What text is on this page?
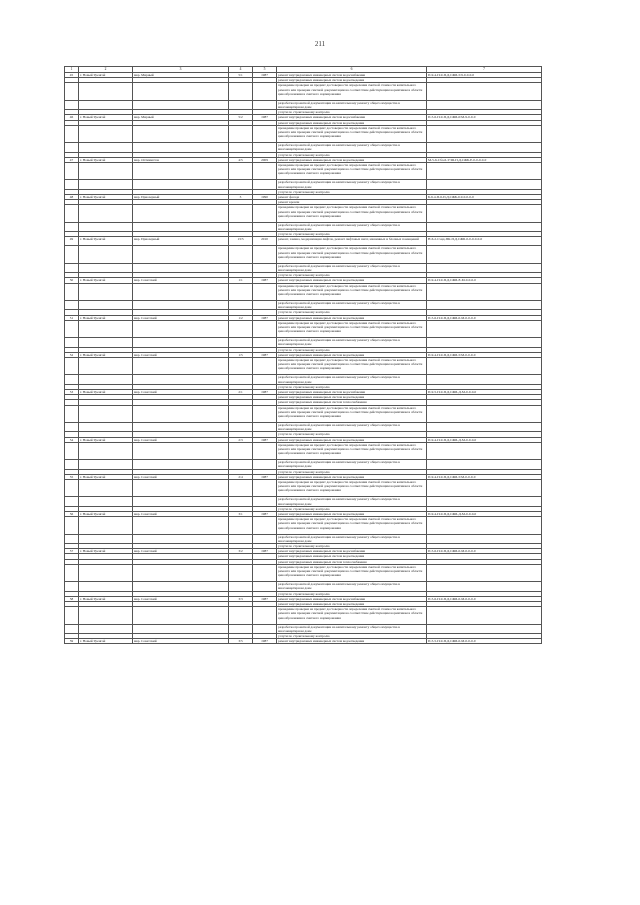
211
1	2	3	4	5	6	7
45	г. Новый Уренгой	мкр. Мирный	5/1	1987	ремонт внутридомовых инженерных систем водоснабжения	П-9-4-П-9-П,Д,СЖБ-5/9-0-0-0-0
					ремонт внутридомовых инженерных систем водоотведения	
					проведение проверки на предмет достоверности определения сметной стоимости капитального ремонта или проверки сметной документации на соответствие действующим нормативам в области ценообразования в сметного нормирования	
					разработка проектной документации на капитальному ремонту общего имущества в многоквартирном доме	
					услуги по строительному контролю	
46	г. Новый Уренгой	мкр. Мирный	5/2	1987	ремонт внутридомовых инженерных систем водоснабжения	П-5-6-П-9-П,Д,СЖБ-0/М-9-0-0-0
					ремонт внутридомовых инженерных систем водоотведения	
					проведение проверки на предмет достоверности определения сметной стоимости капитального ремонта или проверки сметной документации на соответствие действующим нормативам в области ценообразования в сметного нормирования	
					разработка проектной документации на капитальному ремонту общего имущества в многоквартирном доме	
					услуги по строительному контролю	
47	г. Новый Уренгой	мкр. Оптимистов	4/5	2009	ремонт внутридомовых инженерных систем водоотведения	М-5-6-Сбл-6-У/Ш-П,Д,СЖБ-Е-0-0-0-0-0
					проведение проверки на предмет достоверности определения сметной стоимости капитального ремонта или проверки сметной документации на соответствие действующим нормативам в области ценообразования в сметного нормирования	
					разработка проектной документации на капитальному ремонту общего имущества в многоквартирном доме	
					услуги по строительному контролю	
48	г. Новый Уренгой	мкр. Приозерный	3	1990	ремонт фасада	Б-6-4-П-6-П,Д,СЖБ-0-9-0-0-0-0
					ремонт кровли	
					проведение проверки на предмет достоверности определения сметной стоимости капитального ремонта или проверки сметной документации на соответствие действующим нормативам в области ценообразования в сметного нормирования	
					разработка проектной документации на капитальному ремонту общего имущества в многоквартирном доме	
					услуги по строительному контролю	
49	г. Новый Уренгой	мкр. Приозерный	13/5	2010	ремонт, замена, модернизация лифтов, ремонт лифтовых шахт, машинных и блочных помещений	Н-6-2-Сэнд-ПК-П,Д,СЖБ-0-0-0-0-0-0
					проведение проверки на предмет достоверности определения сметной стоимости капитального ремонта или проверки сметной документации на соответствие действующим нормативам в области ценообразования в сметного нормирования	
					разработка проектной документации на капитальному ремонту общего имущества в многоквартирном доме	
					услуги по строительному контролю	
50	г. Новый Уренгой	мкр. Советский	1/1	1987	ремонт внутридомовых инженерных систем водоотведения	П-9-4-П-9-П,Д,СЖБ-Е-М-0-0-0-0
					проведение проверки на предмет достоверности определения сметной стоимости капитального ремонта или проверки сметной документации на соответствие действующим нормативам в области ценообразования в сметного нормирования	
					разработка проектной документации на капитальному ремонту общего имущества в многоквартирном доме	
					услуги по строительному контролю	
51	г. Новый Уренгой	мкр. Советский	1/2	1987	ремонт внутридомовых инженерных систем водоотведения	П-5-6-П-9-П,Д,СЖБ-0-М-0-0-0-0
					проведение проверки на предмет достоверности определения сметной стоимости капитального ремонта или проверки сметной документации на соответствие действующим нормативам в области ценообразования в сметного нормирования	
					разработка проектной документации на капитальному ремонту общего имущества в многоквартирном доме	
					услуги по строительному контролю	
52	г. Новый Уренгой	мкр. Советский	1/5	1987	ремонт внутридомовых инженерных систем водоотведения	П-9-4-П-9-П,Д,СЖБ-5/М-0-0-0-0
					проведение проверки на предмет достоверности определения сметной стоимости капитального ремонта или проверки сметной документации на соответствие действующим нормативам в области ценообразования в сметного нормирования	
					разработка проектной документации на капитальному ремонту общего имущества в многоквартирном доме	
					услуги по строительному контролю	
53	г. Новый Уренгой	мкр. Советский	2/1	1987	ремонт внутридомовых инженерных систем водоснабжения	П-9-5-П-9-П,Д,СЖБ-Д-М-0-0-0-0
					ремонт внутридомовых инженерных систем водоотведения	
					ремонт внутридомовых инженерных систем теплоснабжения	
					проведение проверки на предмет достоверности определения сметной стоимости капитального ремонта или проверки сметной документации на соответствие действующим нормативам в области ценообразования в сметного нормирования	
					разработка проектной документации на капитальному ремонту общего имущества в многоквартирном доме	
					услуги по строительному контролю	
54	г. Новый Уренгой	мкр. Советский	2/3	1987	ремонт внутридомовых инженерных систем водоотведения	П-9-4-П-9-П,Д,СЖБ-Д-М-0-0-0-0
					проведение проверки на предмет достоверности определения сметной стоимости капитального ремонта или проверки сметной документации на соответствие действующим нормативам в области ценообразования в сметного нормирования	
					разработка проектной документации на капитальному ремонту общего имущества в многоквартирном доме	
					услуги по строительному контролю	
55	г. Новый Уренгой	мкр. Советский	2/4	1987	ремонт внутридомовых инженерных систем водоотведения	П-9-4-П-9-П,Д,СЖБ-5/М-0-0-0-0
					проведение проверки на предмет достоверности определения сметной стоимости капитального ремонта или проверки сметной документации на соответствие действующим нормативам в области ценообразования в сметного нормирования	
					разработка проектной документации на капитальному ремонту общего имущества в многоквартирном доме	
					услуги по строительному контролю	
56	г. Новый Уренгой	мкр. Советский	3/1	1987	ремонт внутридомовых инженерных систем водоотведения	П-9-4-П-9-П,Д,СЖБ-Д-М-0-0-0-0
					проведение проверки на предмет достоверности определения сметной стоимости капитального ремонта или проверки сметной документации на соответствие действующим нормативам в области ценообразования в сметного нормирования	
					разработка проектной документации на капитальному ремонту общего имущества в многоквартирном доме	
					услуги по строительному контролю	
57	г. Новый Уренгой	мкр. Советский	3/2	1987	ремонт внутридомовых инженерных систем водоснабжения	П-5-6-П-9-П,Д,СЖБ-0-М-0-0-0-0
					ремонт внутридомовых инженерных систем водоотведения	
					ремонт внутридомовых инженерных систем теплоснабжения	
					проведение проверки на предмет достоверности определения сметной стоимости капитального ремонта или проверки сметной документации на соответствие действующим нормативам в области ценообразования в сметного нормирования	
					разработка проектной документации на капитальному ремонту общего имущества в многоквартирном доме	
					услуги по строительному контролю	
58	г. Новый Уренгой	мкр. Советский	3/3	1987	ремонт внутридомовых инженерных систем водоснабжения	П-5-6-П-9-П,Д,СЖБ-0-М-0-0-0-0
					ремонт внутридомовых инженерных систем водоотведения	
					проведение проверки на предмет достоверности определения сметной стоимости капитального ремонта или проверки сметной документации на соответствие действующим нормативам в области ценообразования в сметного нормирования	
					разработка проектной документации на капитальному ремонту общего имущества в многоквартирном доме	
					услуги по строительному контролю	
59	г. Новый Уренгой	мкр. Советский	3/5	1987	ремонт внутридомовых инженерных систем водоотведения	П-5-5-П-9-П,Д,СЖБ-0-М-0-0-0-0
